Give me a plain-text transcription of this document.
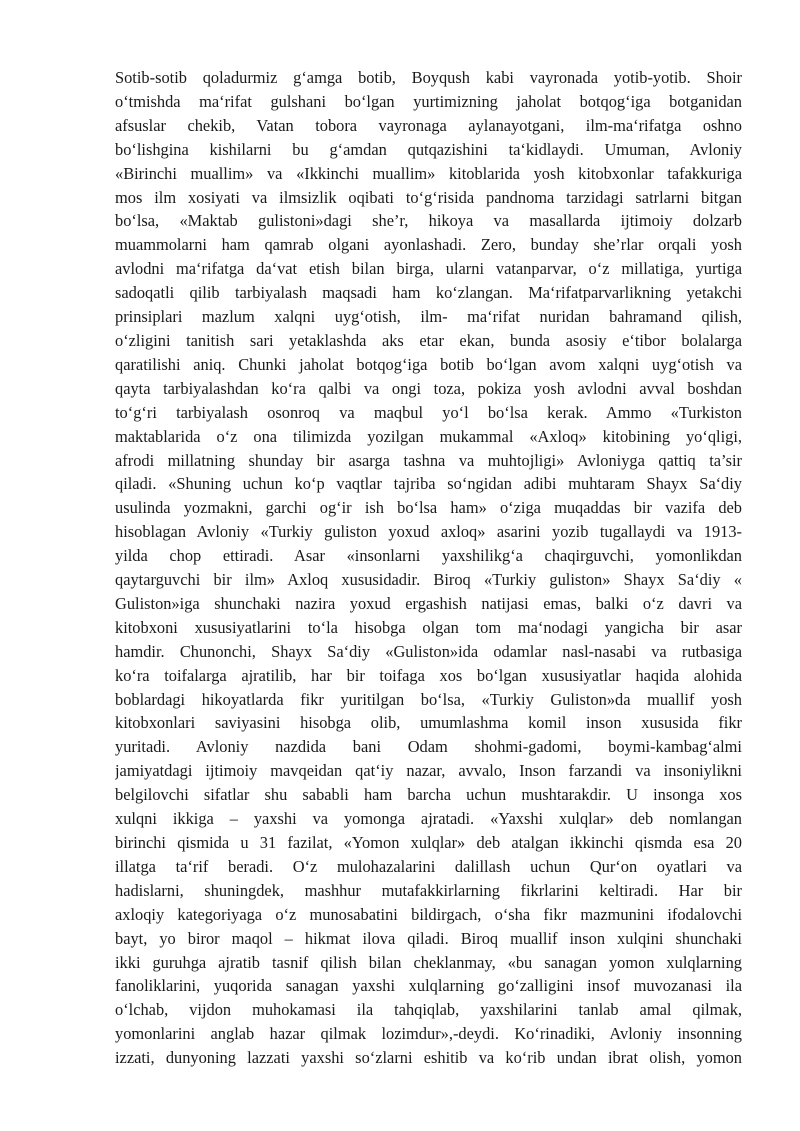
Sotib-sotib qoladurmiz g‘amga botib, Boyqush kabi vayronada yotib-yotib. Shoir
o‘tmishda ma‘rifat gulshani bo‘lgan yurtimizning jaholat botqog‘iga botganidan
afsuslar chekib, Vatan tobora vayronaga aylanayotgani, ilm-ma‘rifatga oshno
bo‘lishgina kishilarni bu g‘amdan qutqazishini ta‘kidlaydi. Umuman, Avloniy
«Birinchi muallim» va «Ikkinchi muallim» kitoblarida yosh kitobxonlar tafakkuriga
mos ilm xosiyati va ilmsizlik oqibati to‘g‘risida pandnoma tarzidagi satrlarni bitgan
bo‘lsa, «Maktab gulistoni»dagi she’r, hikoya va masallarda ijtimoiy dolzarb
muammolarni ham qamrab olgani ayonlashadi. Zero, bunday she’rlar orqali yosh
avlodni ma‘rifatga da‘vat etish bilan birga, ularni vatanparvar, o‘z millatiga, yurtiga
sadoqatli qilib tarbiyalash maqsadi ham ko‘zlangan. Ma‘rifatparvarlikning yetakchi
prinsiplari mazlum xalqni uyg‘otish, ilm- ma‘rifat nuridan bahramand qilish,
o‘zligini tanitish sari yetaklashda aks etar ekan, bunda asosiy e‘tibor bolalarga
qaratilishi aniq. Chunki jaholat botqog‘iga botib bo‘lgan avom xalqni uyg‘otish va
qayta tarbiyalashdan ko‘ra qalbi va ongi toza, pokiza yosh avlodni avval boshdan
to‘g‘ri tarbiyalash osonroq va maqbul yo‘l bo‘lsa kerak. Ammo «Turkiston
maktablarida o‘z ona tilimizda yozilgan mukammal «Axloq» kitobining yo‘qligi,
afrodi millatning shunday bir asarga tashna va muhtojligi» Avloniyga qattiq ta’sir
qiladi. «Shuning uchun ko‘p vaqtlar tajriba so‘ngidan adibi muhtaram Shayx Sa‘diy
usulinda yozmakni, garchi og‘ir ish bo‘lsa ham» o‘ziga muqaddas bir vazifa deb
hisoblagan Avloniy «Turkiy guliston yoxud axloq» asarini yozib tugallaydi va 1913-
yilda chop ettiradi. Asar «insonlarni yaxshilikg‘a chaqirguvchi, yomonlikdan
qaytarguvchi bir ilm» Axloq xususidadir. Biroq «Turkiy guliston» Shayx Sa‘diy «
Guliston»iga shunchaki nazira yoxud ergashish natijasi emas, balki o‘z davri va
kitobxoni xususiyatlarini to‘la hisobga olgan tom ma‘nodagi yangicha bir asar
hamdir. Chunonchi, Shayx Sa‘diy «Guliston»ida odamlar nasl-nasabi va rutbasiga
ko‘ra toifalarga ajratilib, har bir toifaga xos bo‘lgan xususiyatlar haqida alohida
boblardagi hikoyatlarda fikr yuritilgan bo‘lsa, «Turkiy Guliston»da muallif yosh
kitobxonlari saviyasini hisobga olib, umumlashma komil inson xususida fikr
yuritadi. Avloniy nazdida bani Odam shohmi-gadomi, boymi-kambag‘almi
jamiyatdagi ijtimoiy mavqeidan qat‘iy nazar, avvalo, Inson farzandi va insoniylikni
belgilovchi sifatlar shu sababli ham barcha uchun mushtarakdir. U insonga xos
xulqni ikkiga – yaxshi va yomonga ajratadi. «Yaxshi xulqlar» deb nomlangan
birinchi qismida u 31 fazilat, «Yomon xulqlar» deb atalgan ikkinchi qismda esa 20
illatga ta‘rif beradi. O‘z mulohazalarini dalillash uchun Qur‘on oyatlari va
hadislarni, shuningdek, mashhur mutafakkirlarning fikrlarini keltiradi. Har bir
axloqiy kategoriyaga o‘z munosabatini bildirgach, o‘sha fikr mazmunini ifodalovchi
bayt, yo biror maqol – hikmat ilova qiladi. Biroq muallif inson xulqini shunchaki
ikki guruhga ajratib tasnif qilish bilan cheklanmay, «bu sanagan yomon xulqlarning
fanoliklarini, yuqorida sanagan yaxshi xulqlarning go‘zalligini insof muvozanasi ila
o‘lchab, vijdon muhokamasi ila tahqiqlab, yaxshilarini tanlab amal qilmak,
yomonlarini anglab hazar qilmak lozimdur»,-deydi. Ko‘rinadiki, Avloniy insonning
izzati, dunyoning lazzati yaxshi so‘zlarni eshitib va ko‘rib undan ibrat olish, yomon
